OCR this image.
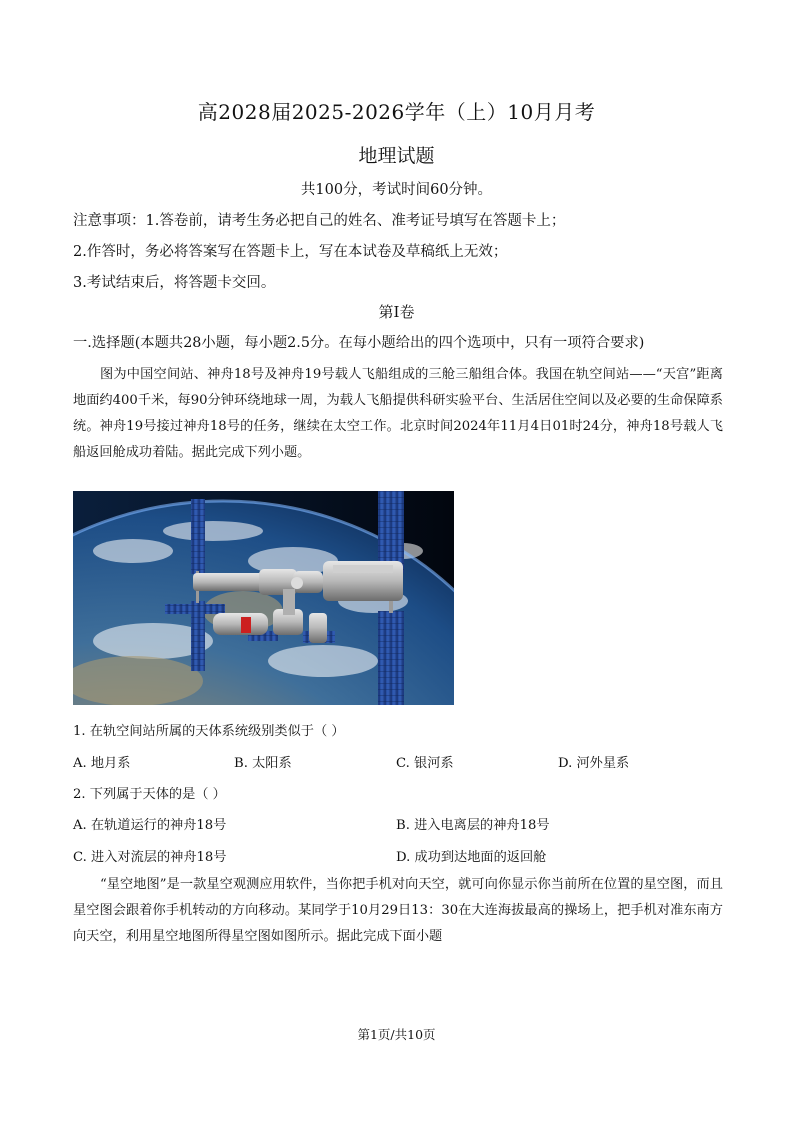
高2028届2025-2026学年（上）10月月考
地理试题
共100分，考试时间60分钟。
注意事项：1.答卷前，请考生务必把自己的姓名、准考证号填写在答题卡上；
2.作答时，务必将答案写在答题卡上，写在本试卷及草稿纸上无效；
3.考试结束后，将答题卡交回。
第I卷
一.选择题(本题共28小题，每小题2.5分。在每小题给出的四个选项中，只有一项符合要求)
图为中国空间站、神舟18号及神舟19号载人飞船组成的三舱三船组合体。我国在轨空间站——“天宫”距离地面约400千米，每90分钟环绕地球一周，为载人飞船提供科研实验平台、生活居住空间以及必要的生命保障系统。神舟19号接过神舟18号的任务，继续在太空工作。北京时间2024年11月4日01时24分，神舟18号载人飞船返回舱成功着陆。据此完成下列小题。
1. 在轨空间站所属的天体系统级别类似于（ ）
A. 地月系	B. 太阳系	C. 银河系	D. 河外星系
2. 下列属于天体的是（ ）
A. 在轨道运行的神舟18号	B. 进入电离层的神舟18号
C. 进入对流层的神舟18号	D. 成功到达地面的返回舱
“星空地图”是一款星空观测应用软件，当你把手机对向天空，就可向你显示你当前所在位置的星空图，而且星空图会跟着你手机转动的方向移动。某同学于10月29日13：30在大连海拔最高的操场上，把手机对准东南方向天空，利用星空地图所得星空图如图所示。据此完成下面小题
第1页/共10页
